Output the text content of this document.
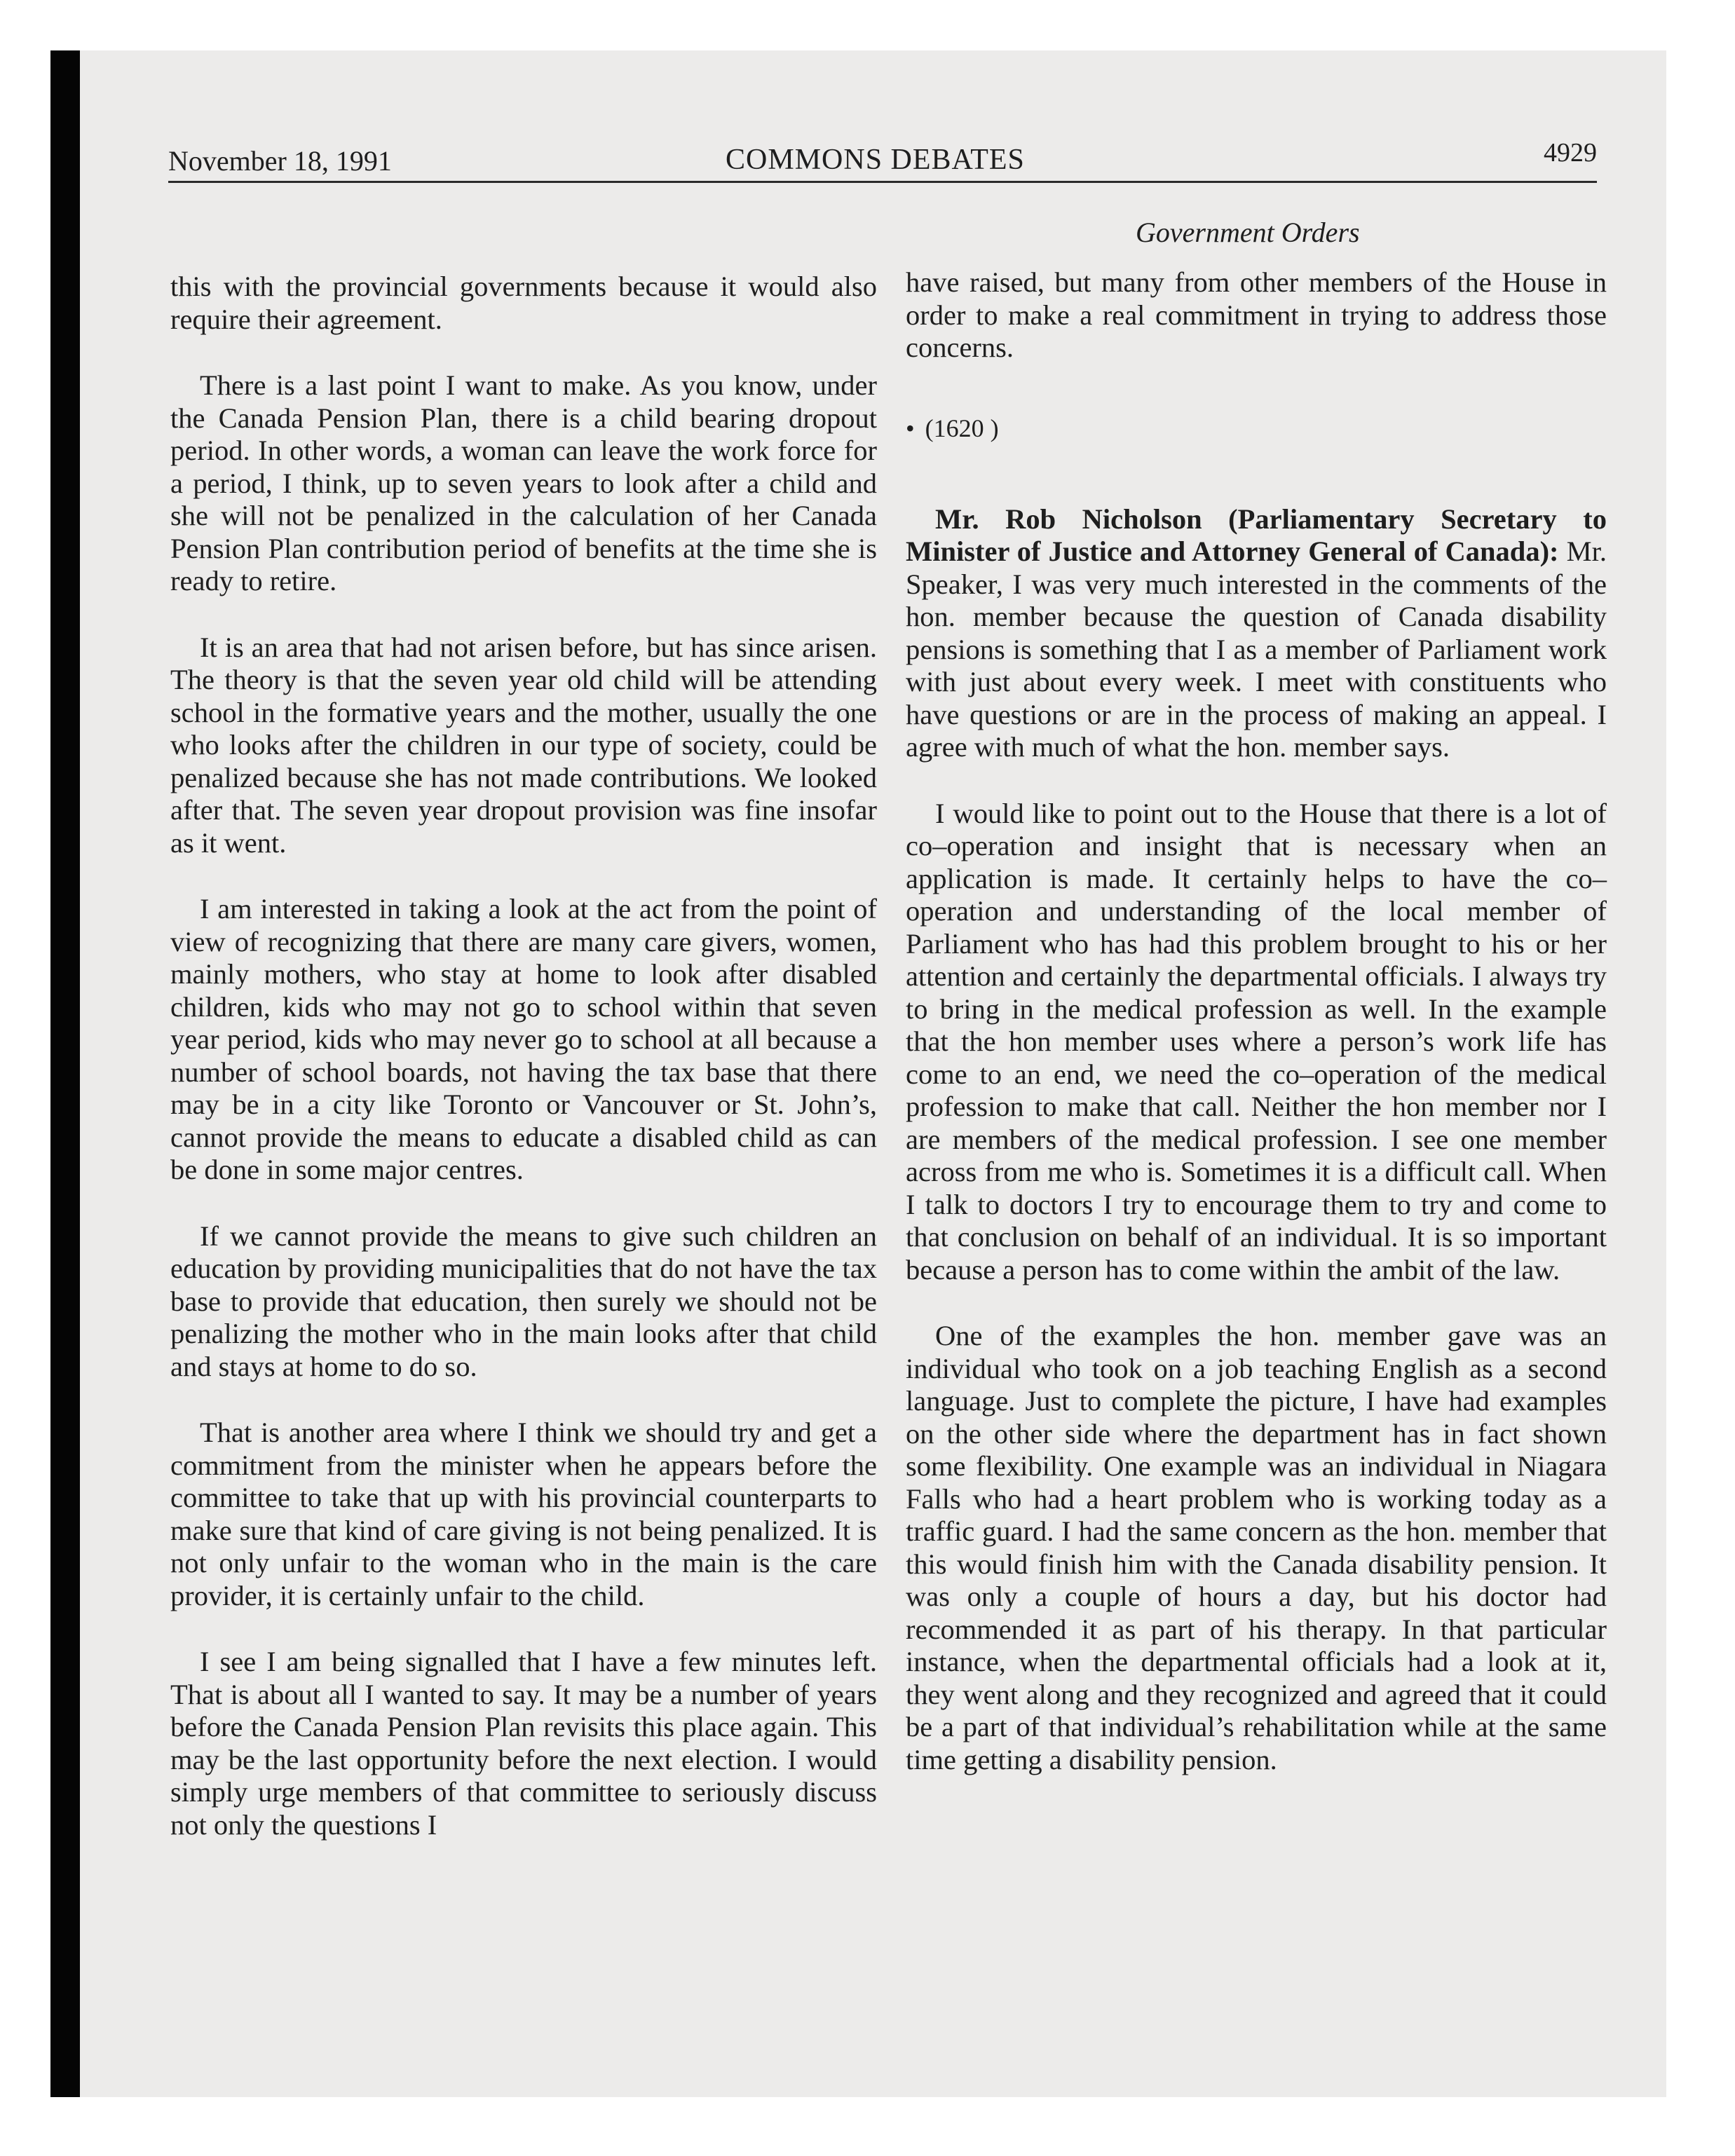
November 18, 1991	COMMONS DEBATES	4929
Government Orders

this with the provincial governments because it would also require their agreement.

There is a last point I want to make. As you know, under the Canada Pension Plan, there is a child bearing dropout period. In other words, a woman can leave the work force for a period, I think, up to seven years to look after a child and she will not be penalized in the calculation of her Canada Pension Plan contribution period of benefits at the time she is ready to retire.

It is an area that had not arisen before, but has since arisen. The theory is that the seven year old child will be attending school in the formative years and the mother, usually the one who looks after the children in our type of society, could be penalized because she has not made contributions. We looked after that. The seven year dropout provision was fine insofar as it went.

I am interested in taking a look at the act from the point of view of recognizing that there are many care givers, women, mainly mothers, who stay at home to look after disabled children, kids who may not go to school within that seven year period, kids who may never go to school at all because a number of school boards, not having the tax base that there may be in a city like Toronto or Vancouver or St. John’s, cannot provide the means to educate a disabled child as can be done in some major centres.

If we cannot provide the means to give such children an education by providing municipalities that do not have the tax base to provide that education, then surely we should not be penalizing the mother who in the main looks after that child and stays at home to do so.

That is another area where I think we should try and get a commitment from the minister when he appears before the committee to take that up with his provincial counterparts to make sure that kind of care giving is not being penalized. It is not only unfair to the woman who in the main is the care provider, it is certainly unfair to the child.

I see I am being signalled that I have a few minutes left. That is about all I wanted to say. It may be a number of years before the Canada Pension Plan revisits this place again. This may be the last opportunity before the next election. I would simply urge members of that committee to seriously discuss not only the questions I

have raised, but many from other members of the House in order to make a real commitment in trying to address those concerns.

• (1620 )

Mr. Rob Nicholson (Parliamentary Secretary to Minister of Justice and Attorney General of Canada): Mr. Speaker, I was very much interested in the comments of the hon. member because the question of Canada disability pensions is something that I as a member of Parliament work with just about every week. I meet with constituents who have questions or are in the process of making an appeal. I agree with much of what the hon. member says.

I would like to point out to the House that there is a lot of co–operation and insight that is necessary when an application is made. It certainly helps to have the co–operation and understanding of the local member of Parliament who has had this problem brought to his or her attention and certainly the departmental officials. I always try to bring in the medical profession as well. In the example that the hon member uses where a person’s work life has come to an end, we need the co–operation of the medical profession to make that call. Neither the hon member nor I are members of the medical profession. I see one member across from me who is. Sometimes it is a difficult call. When I talk to doctors I try to encourage them to try and come to that conclusion on behalf of an individual. It is so important because a person has to come within the ambit of the law.

One of the examples the hon. member gave was an individual who took on a job teaching English as a second language. Just to complete the picture, I have had examples on the other side where the department has in fact shown some flexibility. One example was an individual in Niagara Falls who had a heart problem who is working today as a traffic guard. I had the same concern as the hon. member that this would finish him with the Canada disability pension. It was only a couple of hours a day, but his doctor had recommended it as part of his therapy. In that particular instance, when the departmental officials had a look at it, they went along and they recognized and agreed that it could be a part of that individual’s rehabilitation while at the same time getting a disability pension.
